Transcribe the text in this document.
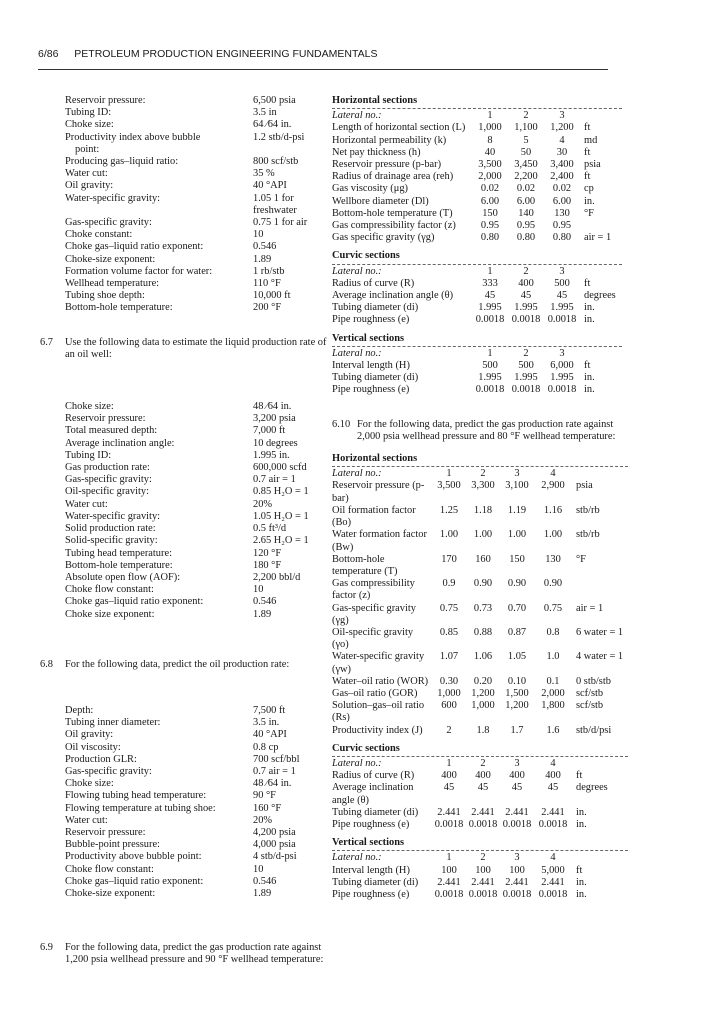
6/86 PETROLEUM PRODUCTION ENGINEERING FUNDAMENTALS
Reservoir pressure:	6,500 psia
Tubing ID:	3.5 in
Choke size:	64 ⁄64 in.
Productivity index above bubble	1.2 stb/d-psi
point:
Producing gas–liquid ratio:	800 scf/stb
Water cut:	35 %
Oil gravity:	40 °API
Water-specific gravity:	1.05 1 for
freshwater
Gas-specific gravity:	0.75 1 for air
Choke constant:	10
Choke gas–liquid ratio exponent:	0.546
Choke-size exponent:	1.89
Formation volume factor for water:	1 rb/stb
Wellhead temperature:	110 °F
Tubing shoe depth:	10,000 ft
Bottom-hole temperature:	200 °F
6.7	Use the following data to estimate the liquid production rate of an oil well:
Choke size:	48 ⁄64 in.
Reservoir pressure:	3,200 psia
Total measured depth:	7,000 ft
Average inclination angle:	10 degrees
Tubing ID:	1.995 in.
Gas production rate:	600,000 scfd
Gas-specific gravity:	0.7 air = 1
Oil-specific gravity:	0.85 H₂O = 1
Water cut:	20%
Water-specific gravity:	1.05 H₂O = 1
Solid production rate:	0.5 ft³/d
Solid-specific gravity:	2.65 H₂O = 1
Tubing head temperature:	120 °F
Bottom-hole temperature:	180 °F
Absolute open flow (AOF):	2,200 bbl/d
Choke flow constant:	10
Choke gas–liquid ratio exponent:	0.546
Choke size exponent:	1.89
6.8	For the following data, predict the oil production rate:
Depth:	7,500 ft
Tubing inner diameter:	3.5 in.
Oil gravity:	40 °API
Oil viscosity:	0.8 cp
Production GLR:	700 scf/bbl
Gas-specific gravity:	0.7 air = 1
Choke size:	48 ⁄64 in.
Flowing tubing head temperature:	90 °F
Flowing temperature at tubing shoe:	160 °F
Water cut:	20%
Reservoir pressure:	4,200 psia
Bubble-point pressure:	4,000 psia
Productivity above bubble point:	4 stb/d-psi
Choke flow constant:	10
Choke gas–liquid ratio exponent:	0.546
Choke-size exponent:	1.89
6.9	For the following data, predict the gas production rate against 1,200 psia wellhead pressure and 90 °F wellhead temperature:
Horizontal sections

Lateral no.:	1	2	3	
Length of horizontal section (L)	1,000	1,100	1,200	ft
Horizontal permeability (k)	8	5	4	md
Net pay thickness (h)	40	50	30	ft
Reservoir pressure (p-bar)	3,500	3,450	3,400	psia
Radius of drainage area (reh)	2,000	2,200	2,400	ft
Gas viscosity (μg)	0.02	0.02	0.02	cp
Wellbore diameter (Dl)	6.00	6.00	6.00	in.
Bottom-hole temperature (T)	150	140	130	°F
Gas compressibility factor (z)	0.95	0.95	0.95	
Gas specific gravity (γg)	0.80	0.80	0.80	air = 1
Curvic sections

Lateral no.:	1	2	3	
Radius of curve (R)	333	400	500	ft
Average inclination angle (θ)	45	45	45	degrees
Tubing diameter (di)	1.995	1.995	1.995	in.
Pipe roughness (e)	0.0018	0.0018	0.0018	in.
Vertical sections

Lateral no.:	1	2	3	
Interval length (H)	500	500	6,000	ft
Tubing diameter (di)	1.995	1.995	1.995	in.
Pipe roughness (e)	0.0018	0.0018	0.0018	in.
6.10 For the following data, predict the gas production rate against 2,000 psia wellhead pressure and 80 °F wellhead temperature:
Horizontal sections

Lateral no.:	1	2	3	4	
Reservoir pressure (p-bar)	3,500	3,300	3,100	2,900	psia
Oil formation factor (Bo)	1.25	1.18	1.19	1.16	stb/rb
Water formation factor (Bw)	1.00	1.00	1.00	1.00	stb/rb
Bottom-hole temperature (T)	170	160	150	130	°F
Gas compressibility factor (z)	0.9	0.90	0.90	0.90	
Gas-specific gravity (γg)	0.75	0.73	0.70	0.75	air = 1
Oil-specific gravity (γo)	0.85	0.88	0.87	0.8	6 water = 1
Water-specific gravity (γw)	1.07	1.06	1.05	1.0	4 water = 1
Water–oil ratio (WOR)	0.30	0.20	0.10	0.1	0 stb/stb
Gas–oil ratio (GOR)	1,000	1,200	1,500	2,000	scf/stb
Solution–gas–oil ratio (Rs)	600	1,000	1,200	1,800	scf/stb
Productivity index (J)	2	1.8	1.7	1.6	stb/d/psi
Curvic sections

Lateral no.:	1	2	3	4	
Radius of curve (R)	400	400	400	400	ft
Average inclination angle (θ)	45	45	45	45	degrees
Tubing diameter (di)	2.441	2.441	2.441	2.441	in.
Pipe roughness (e)	0.0018	0.0018	0.0018	0.0018	in.
Vertical sections

Lateral no.:	1	2	3	4	
Interval length (H)	100	100	100	5,000	ft
Tubing diameter (di)	2.441	2.441	2.441	2.441	in.
Pipe roughness (e)	0.0018	0.0018	0.0018	0.0018	in.
